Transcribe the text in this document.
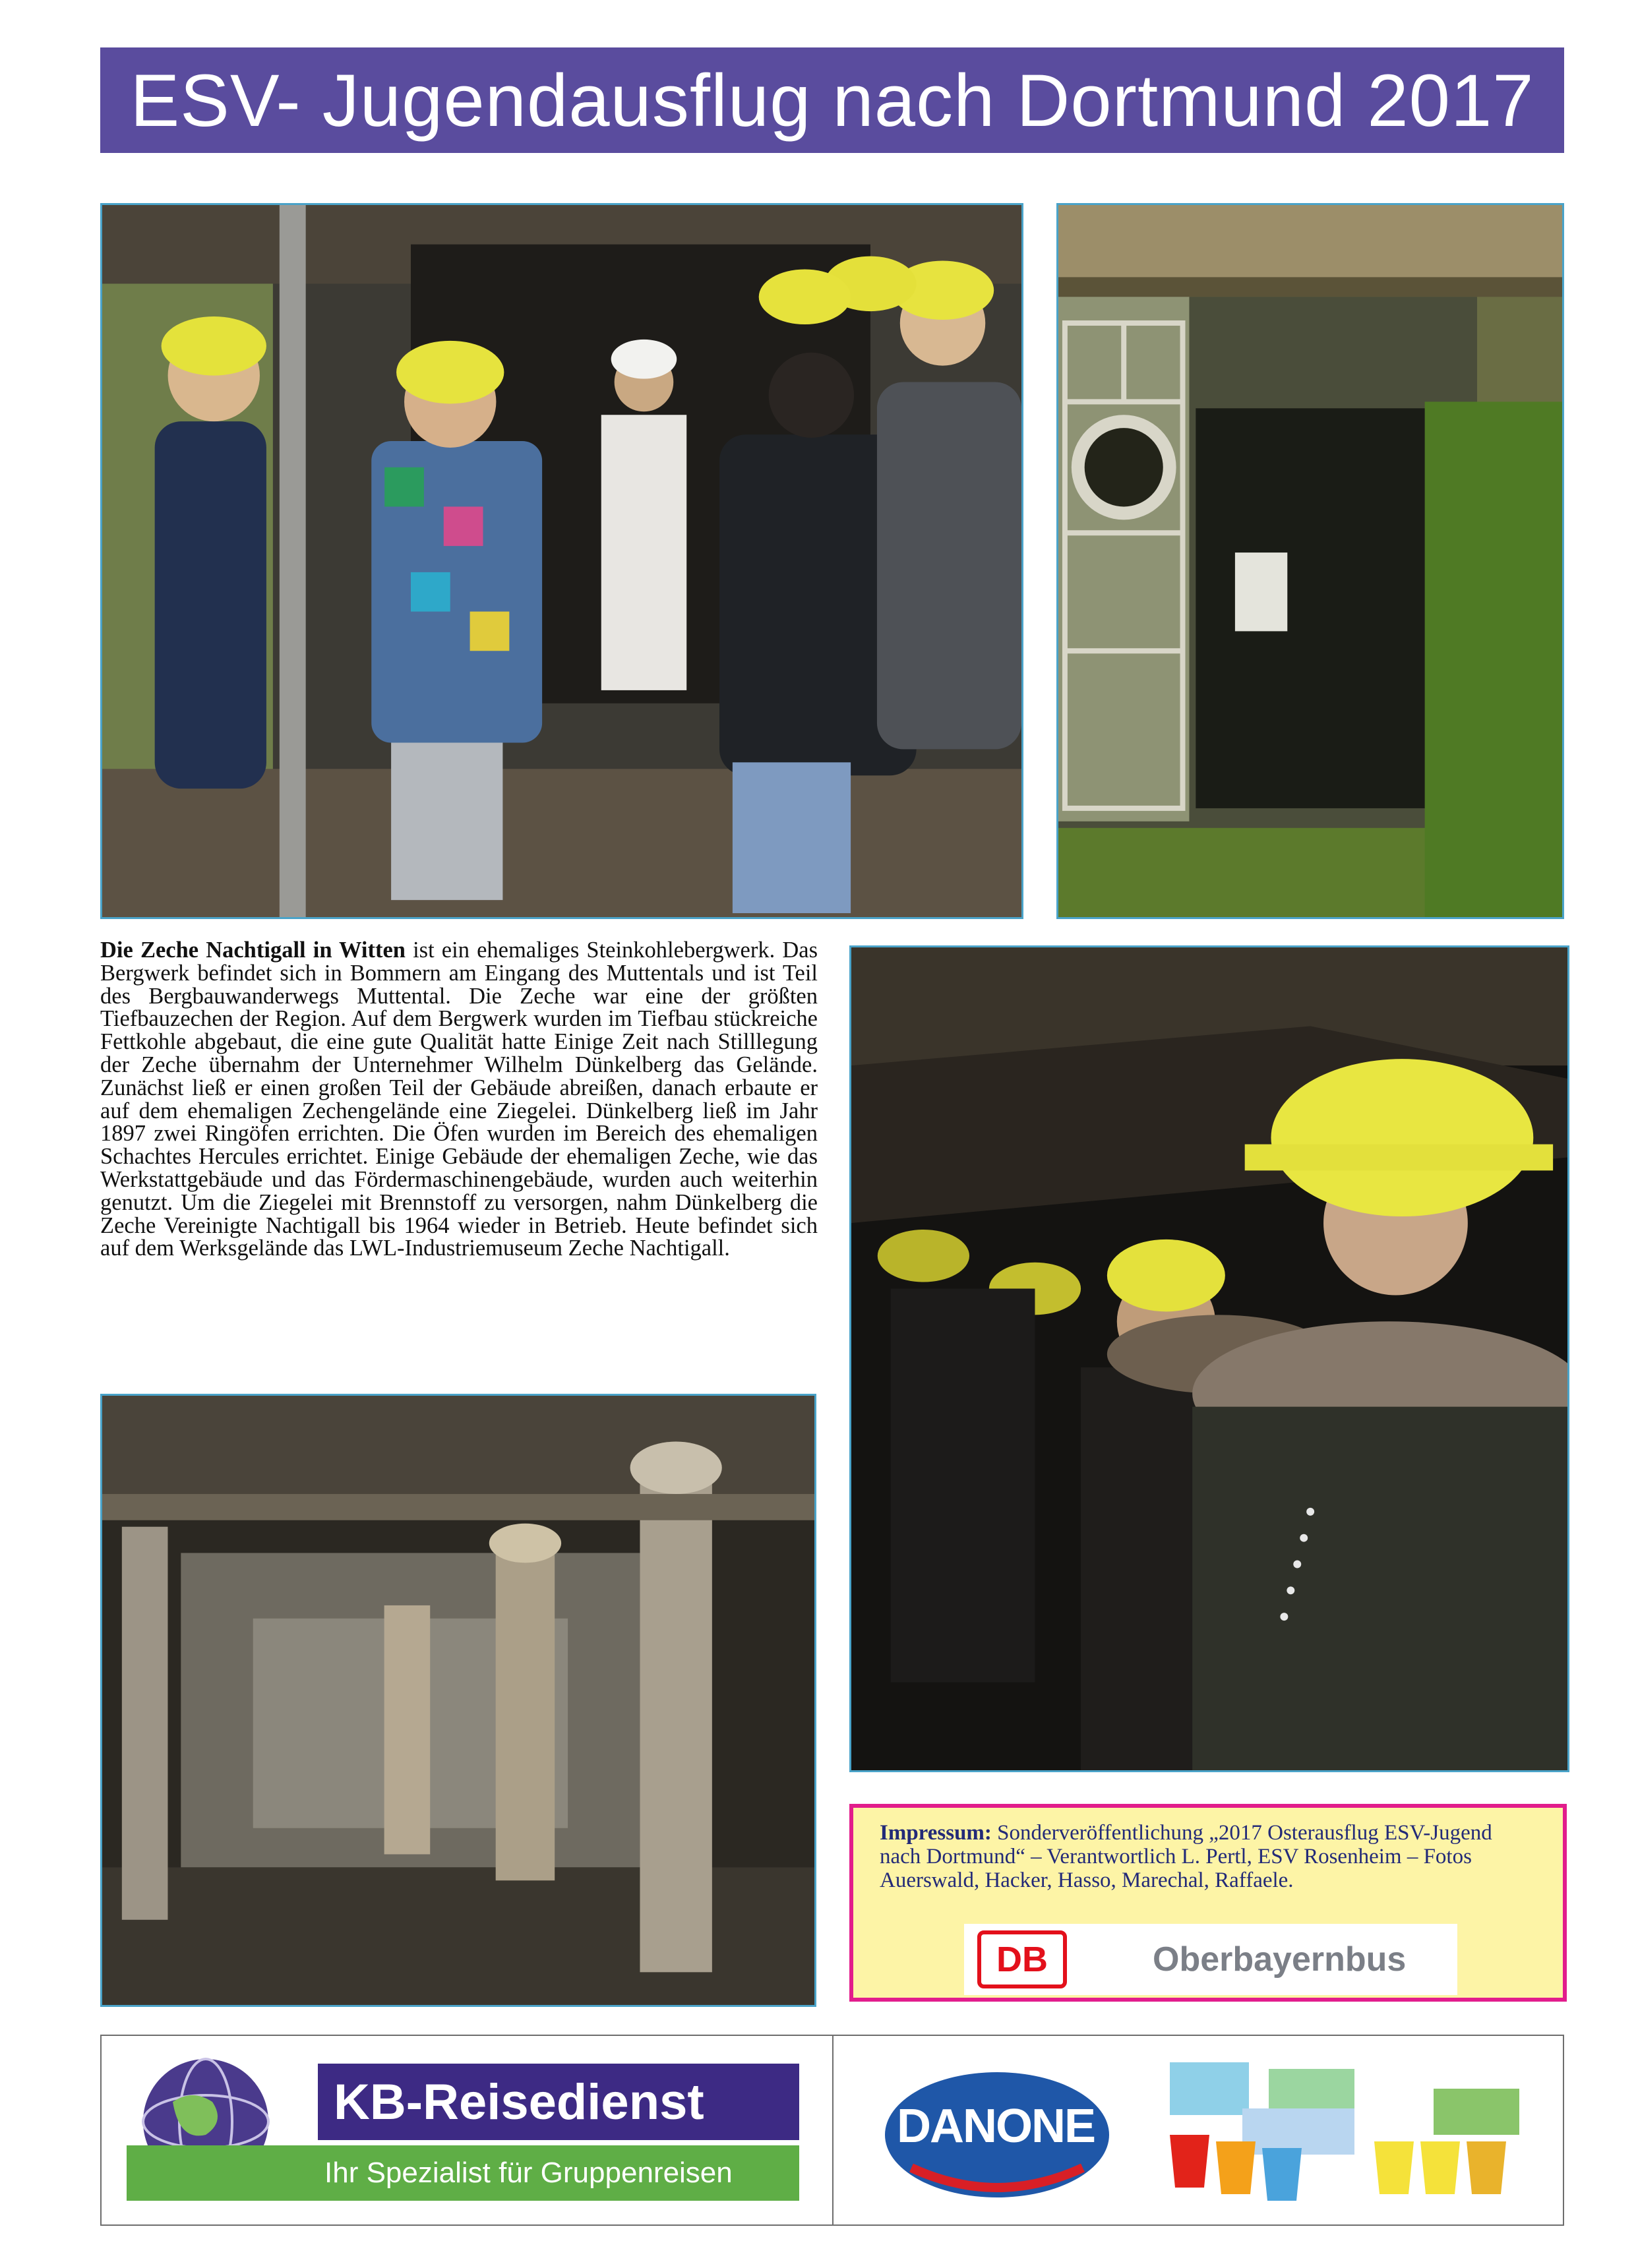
ESV- Jugendausflug nach Dortmund 2017
Die Zeche Nachtigall in Witten ist ein ehemaliges Steinkohlebergwerk. Das Bergwerk befindet sich in Bommern am Eingang des Muttentals und ist Teil des Bergbauwanderwegs Muttental. Die Zeche war eine der größten Tiefbauzechen der Region. Auf dem Bergwerk wurden im Tiefbau stückreiche Fettkohle abgebaut, die eine gute Qualität hatte Einige Zeit nach Stilllegung der Zeche übernahm der Unternehmer Wilhelm Dünkelberg das Gelände. Zunächst ließ er einen großen Teil der Gebäude abreißen, danach erbaute er auf dem ehemaligen Zechengelände eine Ziegelei. Dünkelberg ließ im Jahr 1897 zwei Ringöfen errichten. Die Öfen wurden im Bereich des ehemaligen Schachtes Hercules errichtet. Einige Gebäude der ehemaligen Zeche, wie das Werkstattgebäude und das Fördermaschinengebäude, wurden auch weiterhin genutzt. Um die Ziegelei mit Brennstoff zu versorgen, nahm Dünkelberg die Zeche Vereinigte Nachtigall bis 1964 wieder in Betrieb. Heute befindet sich auf dem Werksgelände das LWL-Industriemuseum Zeche Nachtigall.
Impressum: Sonderveröffentlichung „2017 Osterausflug ESV-Jugend nach Dortmund“ – Verantwortlich L. Pertl, ESV Rosenheim – Fotos Auerswald, Hacker, Hasso, Marechal, Raffaele.
DB	Oberbayernbus
KB-Reisedienst
Ihr Spezialist für Gruppenreisen
DANONE
